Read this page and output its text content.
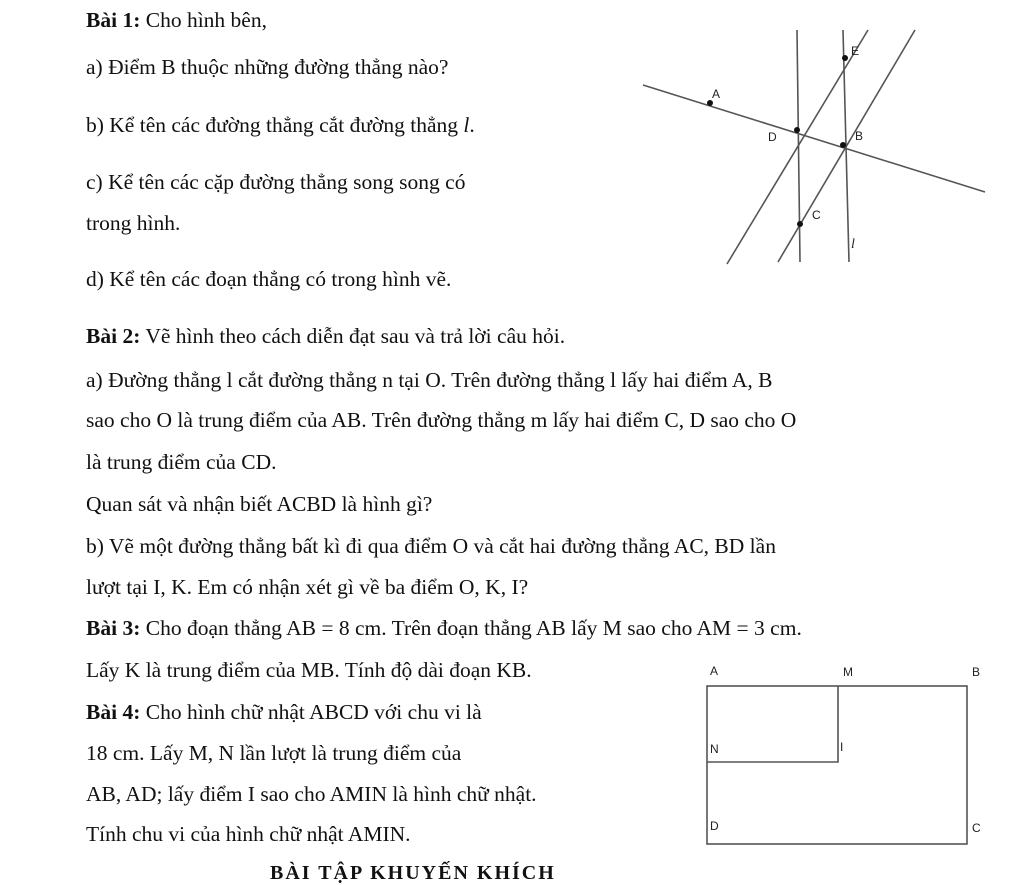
Bài 1: Cho hình bên,
a) Điểm B thuộc những đường thẳng nào?
b) Kể tên các đường thẳng cắt đường thẳng l.
c) Kể tên các cặp đường thẳng song song có
trong hình.
d) Kể tên các đoạn thẳng có trong hình vẽ.
Bài 2: Vẽ hình theo cách diễn đạt sau và trả lời câu hỏi.
a) Đường thẳng l cắt đường thẳng n tại O. Trên đường thẳng l lấy hai điểm A, B
sao cho O là trung điểm của AB. Trên đường thẳng m lấy hai điểm C, D sao cho O
là trung điểm của CD.
Quan sát và nhận biết ACBD là hình gì?
b) Vẽ một đường thẳng bất kì đi qua điểm O và cắt hai đường thẳng AC, BD lần
lượt tại I, K. Em có nhận xét gì về ba điểm O, K, I?
Bài 3: Cho đoạn thẳng AB = 8 cm. Trên đoạn thẳng AB lấy M sao cho AM = 3 cm.
Lấy K là trung điểm của MB. Tính độ dài đoạn KB.
Bài 4: Cho hình chữ nhật ABCD với chu vi là
18 cm. Lấy M, N lần lượt là trung điểm của
AB, AD; lấy điểm I sao cho AMIN là hình chữ nhật.
Tính chu vi của hình chữ nhật AMIN.
BÀI TẬP KHUYẾN KHÍCH
E
A
D	B
C
l
A	M	B
N	I
D	C
